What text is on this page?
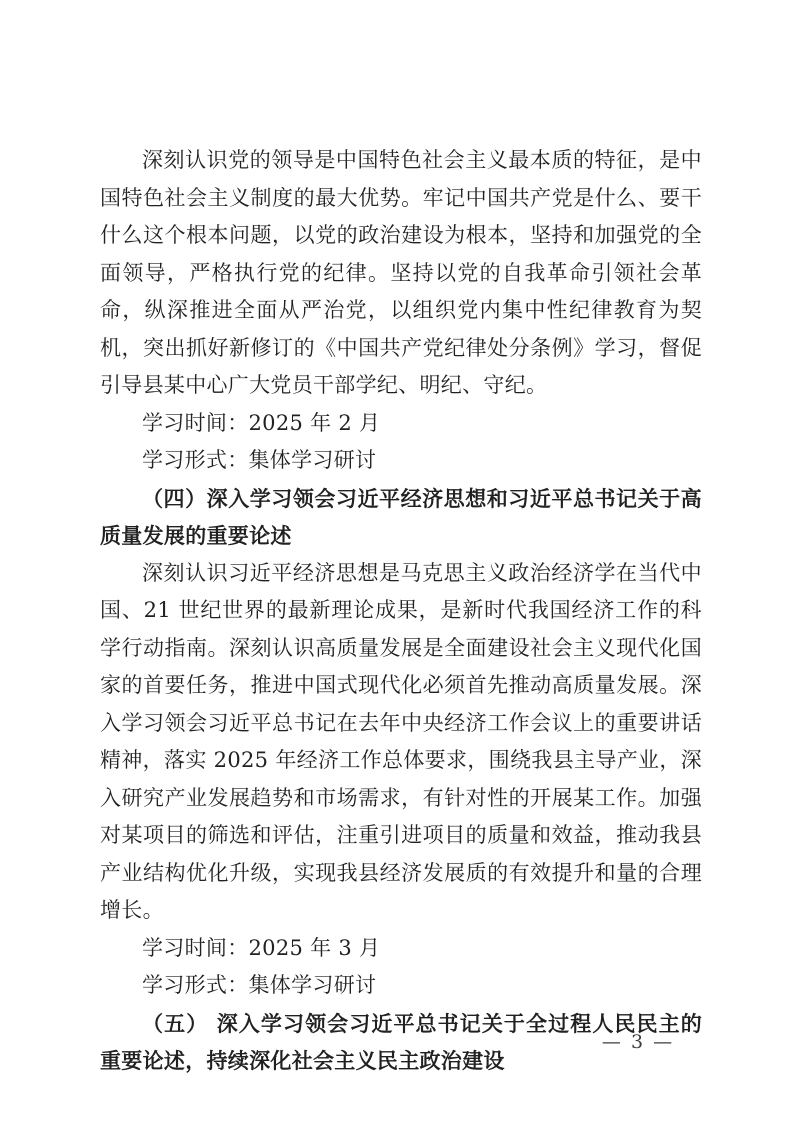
深刻认识党的领导是中国特色社会主义最本质的特征，是中国特色社会主义制度的最大优势。牢记中国共产党是什么、要干什么这个根本问题，以党的政治建设为根本，坚持和加强党的全面领导，严格执行党的纪律。坚持以党的自我革命引领社会革命，纵深推进全面从严治党，以组织党内集中性纪律教育为契机，突出抓好新修订的《中国共产党纪律处分条例》学习，督促引导县某中心广大党员干部学纪、明纪、守纪。

学习时间：2025 年 2 月

学习形式：集体学习研讨

（四）深入学习领会习近平经济思想和习近平总书记关于高质量发展的重要论述

深刻认识习近平经济思想是马克思主义政治经济学在当代中国、21 世纪世界的最新理论成果，是新时代我国经济工作的科学行动指南。深刻认识高质量发展是全面建设社会主义现代化国家的首要任务，推进中国式现代化必须首先推动高质量发展。深入学习领会习近平总书记在去年中央经济工作会议上的重要讲话精神，落实 2025 年经济工作总体要求，围绕我县主导产业，深入研究产业发展趋势和市场需求，有针对性的开展某工作。加强对某项目的筛选和评估，注重引进项目的质量和效益，推动我县产业结构优化升级，实现我县经济发展质的有效提升和量的合理增长。

学习时间：2025 年 3 月

学习形式：集体学习研讨

（五） 深入学习领会习近平总书记关于全过程人民民主的重要论述，持续深化社会主义民主政治建设

— 3 —
